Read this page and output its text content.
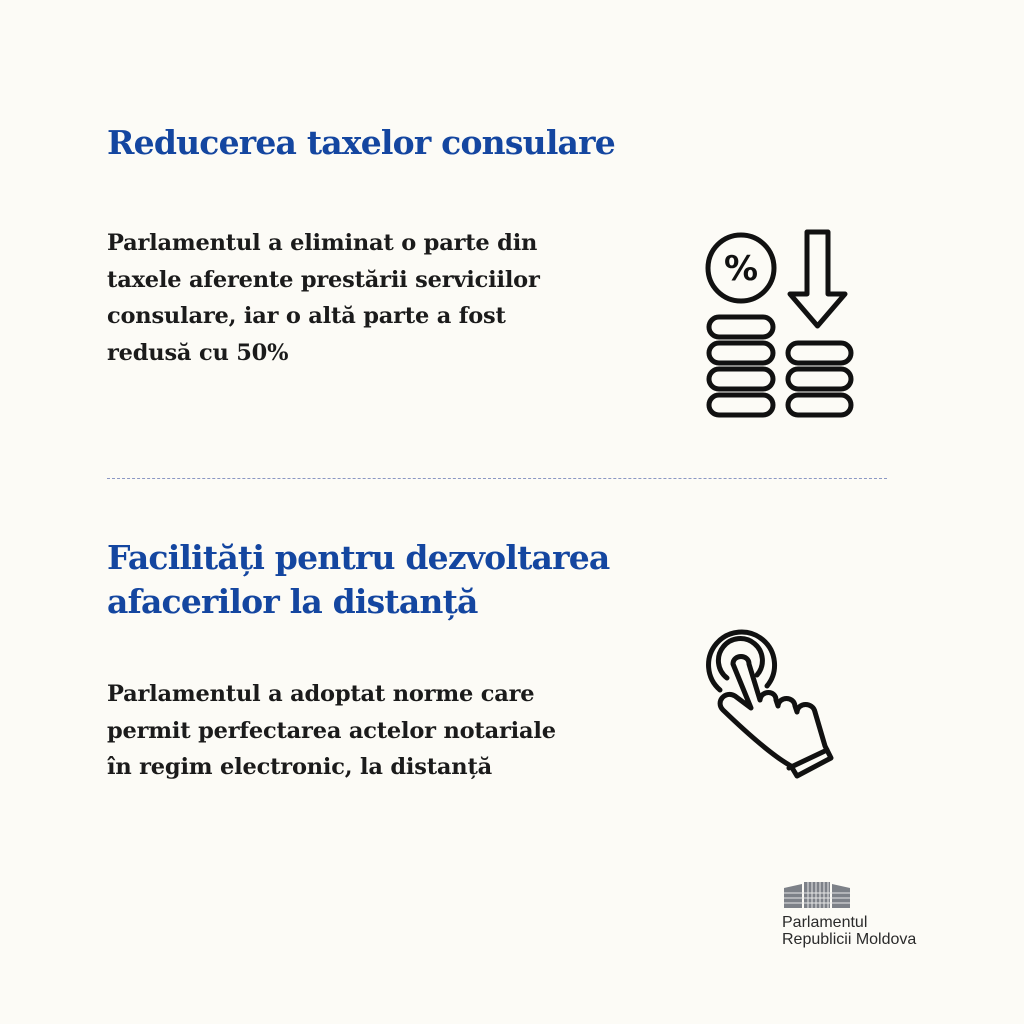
Reducerea taxelor consulare

Parlamentul a eliminat o parte din
taxele aferente prestării serviciilor
consulare, iar o altă parte a fost
redusă cu 50%

%
Facilități pentru dezvoltarea
afacerilor la distanță

Parlamentul a adoptat norme care
permit perfectarea actelor notariale
în regim electronic, la distanță

Parlamentul
Republicii Moldova
